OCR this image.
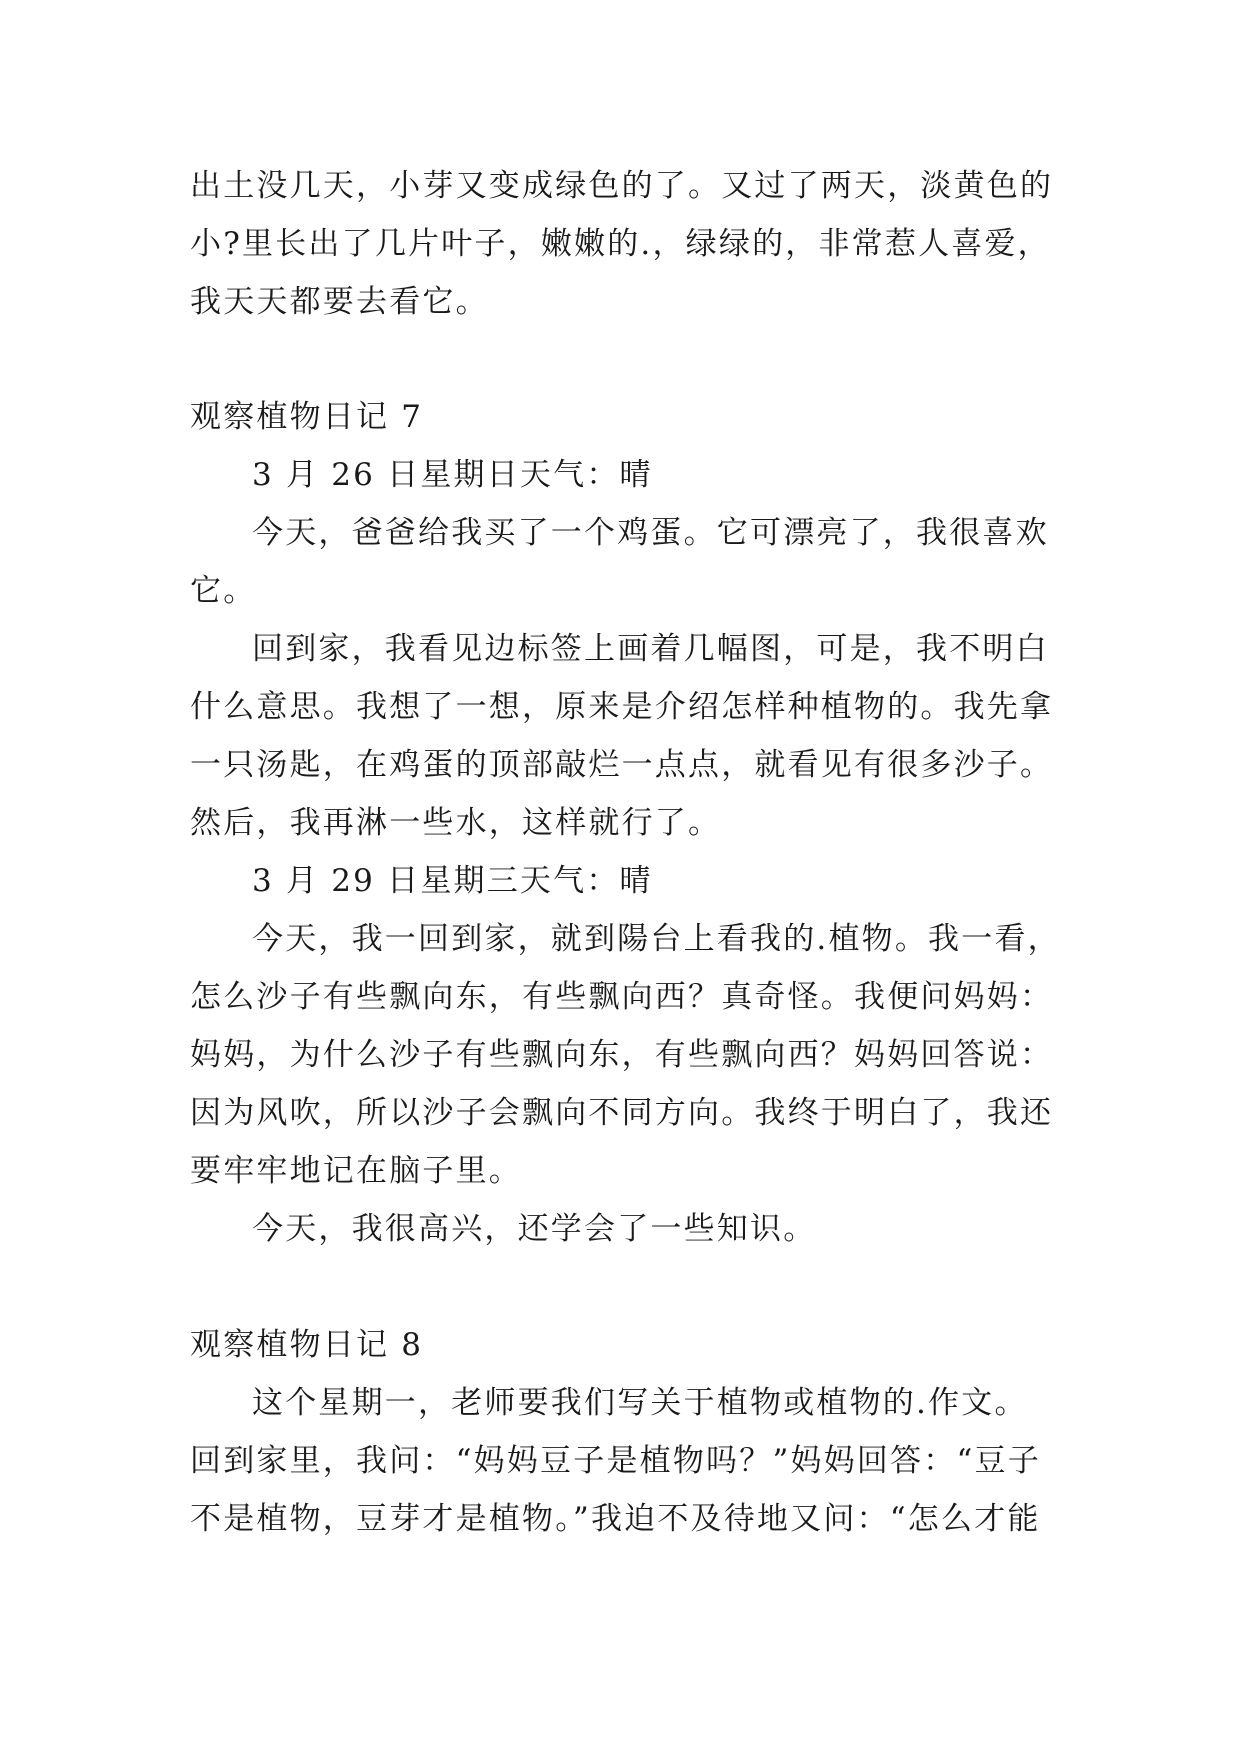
出土没几天，小芽又变成绿色的了。又过了两天，淡黄色的
小?里长出了几片叶子，嫩嫩的.，绿绿的，非常惹人喜爱，
我天天都要去看它。
观察植物日记 7
3 月 26 日星期日天气：晴
今天，爸爸给我买了一个鸡蛋。它可漂亮了，我很喜欢
它。
回到家，我看见边标签上画着几幅图，可是，我不明白
什么意思。我想了一想，原来是介绍怎样种植物的。我先拿
一只汤匙，在鸡蛋的顶部敲烂一点点，就看见有很多沙子。
然后，我再淋一些水，这样就行了。
3 月 29 日星期三天气：晴
今天，我一回到家，就到陽台上看我的.植物。我一看，
怎么沙子有些飘向东，有些飘向西？真奇怪。我便问妈妈：
妈妈，为什么沙子有些飘向东，有些飘向西？妈妈回答说：
因为风吹，所以沙子会飘向不同方向。我终于明白了，我还
要牢牢地记在脑子里。
今天，我很高兴，还学会了一些知识。
观察植物日记 8
这个星期一，老师要我们写关于植物或植物的.作文。
回到家里，我问：“妈妈豆子是植物吗？”妈妈回答：“豆子
不是植物，豆芽才是植物。”我迫不及待地又问：“怎么才能
